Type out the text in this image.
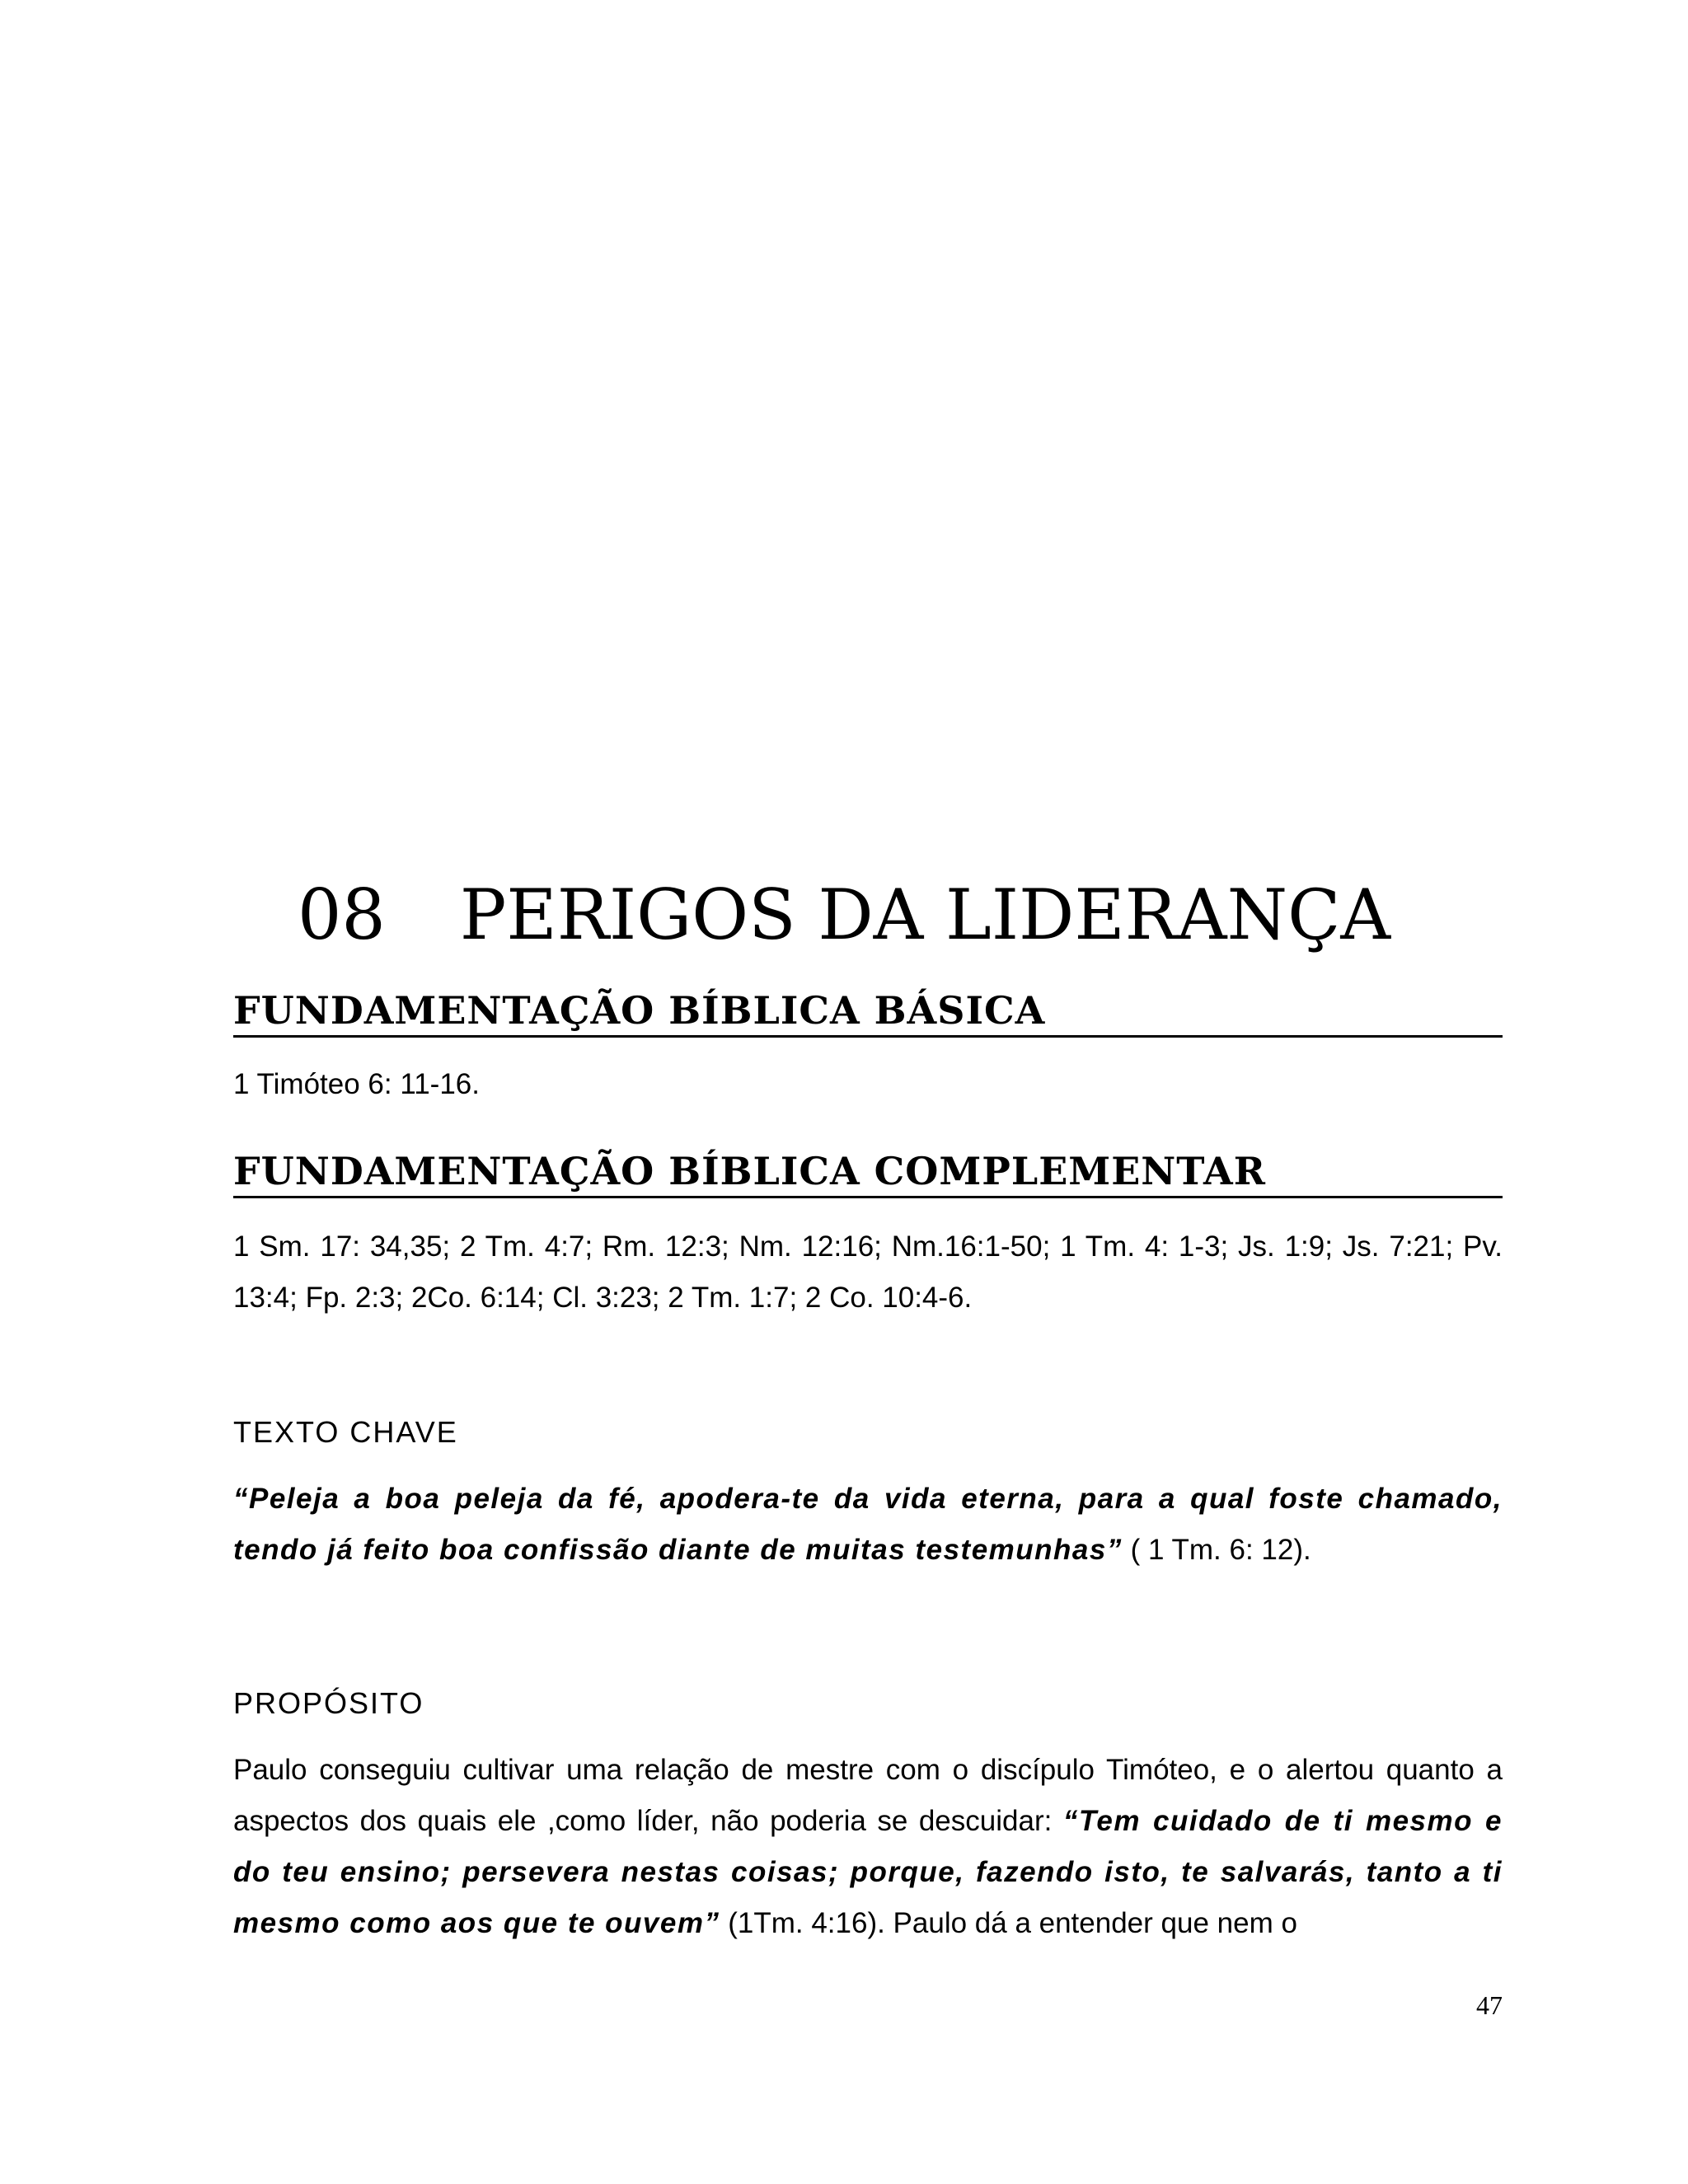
08 PERIGOS DA LIDERANÇA
FUNDAMENTAÇÃO BÍBLICA BÁSICA
1 Timóteo 6: 11-16.
FUNDAMENTAÇÃO BÍBLICA COMPLEMENTAR
1 Sm. 17: 34,35; 2 Tm. 4:7; Rm. 12:3; Nm. 12:16; Nm.16:1-50; 1 Tm. 4: 1-3; Js. 1:9; Js. 7:21; Pv. 13:4; Fp. 2:3; 2Co. 6:14; Cl. 3:23; 2 Tm. 1:7; 2 Co. 10:4-6.
TEXTO CHAVE
“Peleja a boa peleja da fé, apodera-te da vida eterna, para a qual foste chamado, tendo já feito boa confissão diante de muitas testemunhas” ( 1 Tm. 6: 12).
PROPÓSITO
Paulo conseguiu cultivar uma relação de mestre com o discípulo Timóteo, e o alertou quanto a aspectos dos quais ele ,como líder, não poderia se descuidar: “Tem cuidado de ti mesmo e do teu ensino; persevera nestas coisas; porque, fazendo isto, te salvarás, tanto a ti mesmo como aos que te ouvem” (1Tm. 4:16). Paulo dá a entender que nem o
47
